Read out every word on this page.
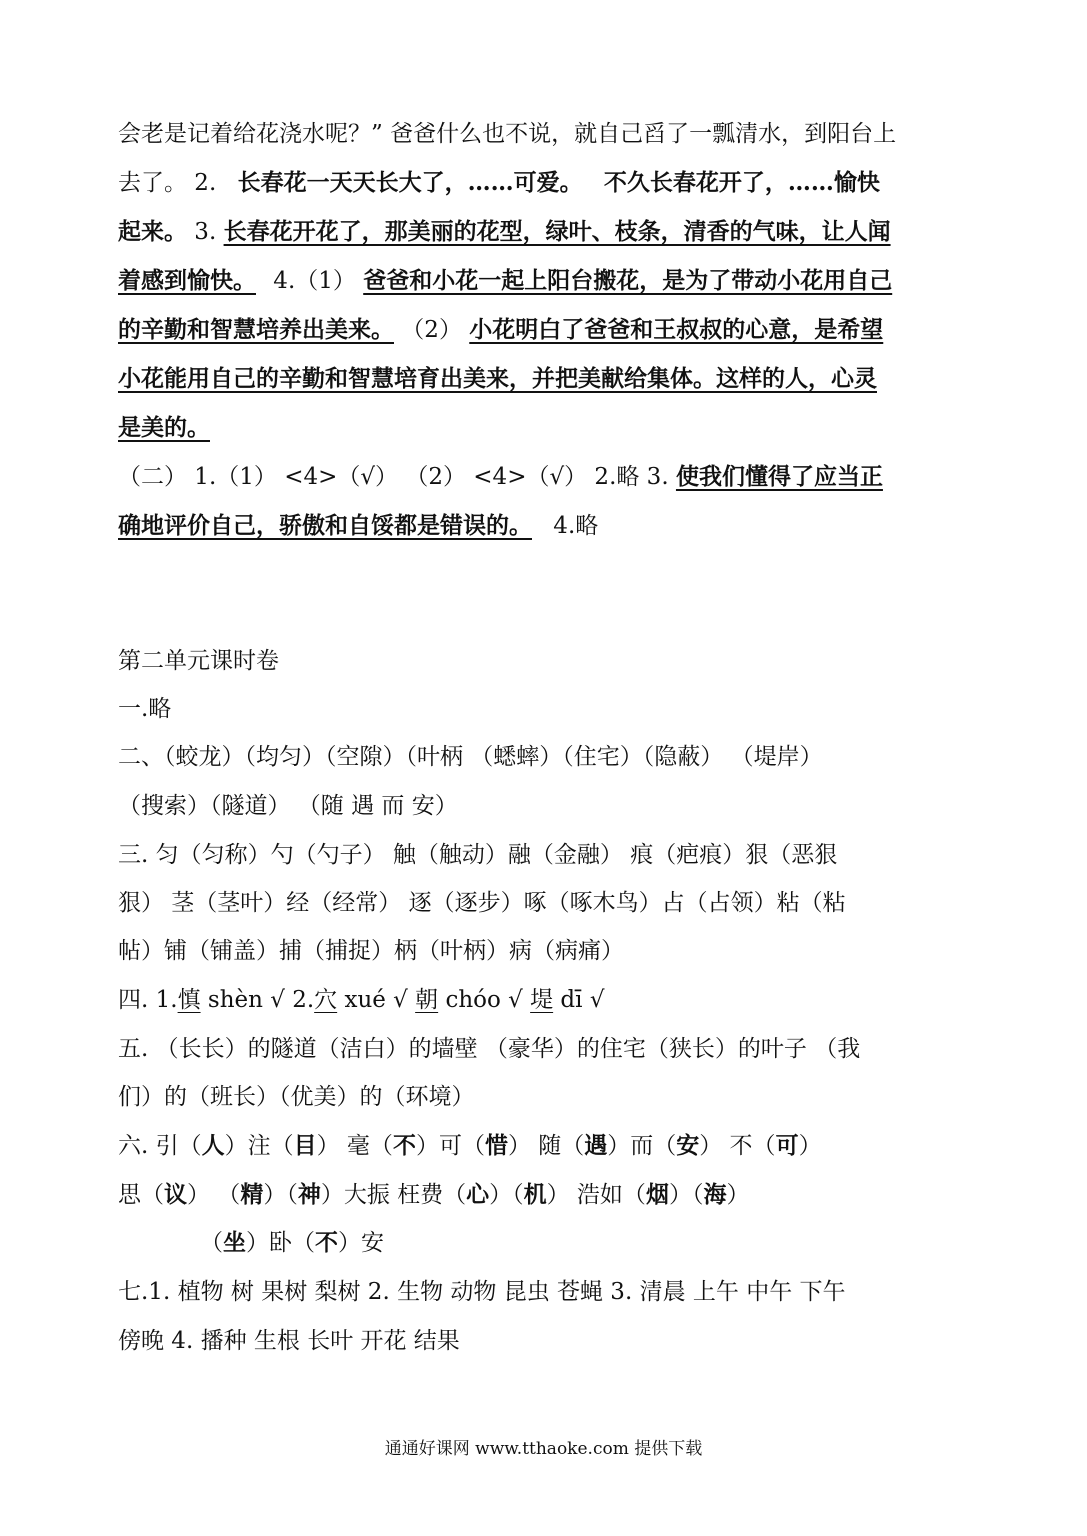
会老是记着给花浇水呢？” 爸爸什么也不说，就自己舀了一瓢清水，到阳台上
去了。 2. 长春花一天天长大了，……可爱。 不久长春花开了，……愉快
起来。 3. 长春花开花了，那美丽的花型，绿叶、枝条，清香的气味，让人闻
着感到愉快。 4.（1） 爸爸和小花一起上阳台搬花，是为了带动小花用自己
的辛勤和智慧培养出美来。 （2） 小花明白了爸爸和王叔叔的心意，是希望
小花能用自己的辛勤和智慧培育出美来，并把美献给集体。这样的人，心灵
是美的。
（二） 1.（1） <4>（√） （2） <4>（√） 2.略 3. 使我们懂得了应当正
确地评价自己，骄傲和自馁都是错误的。 4.略
第二单元课时卷
一.略
二、（蛟龙）（均匀）（空隙）（叶柄 （蟋蟀）（住宅）（隐蔽） （堤岸）
（搜索）（隧道） （随 遇 而 安）
三. 匀（匀称）勺（勺子） 触（触动）融（金融） 痕（疤痕）狠（恶狠
狠） 茎（茎叶）经（经常） 逐（逐步）啄（啄木鸟）占（占领）粘（粘
帖）铺（铺盖）捕（捕捉）柄（叶柄）病（病痛）
四. 1.慎 shèn √ 2.穴 xué √ 朝 chóo √ 堤 dī √
五. （长长）的隧道（洁白）的墙壁 （豪华）的住宅（狭长）的叶子 （我
们）的（班长）（优美）的（环境）
六. 引（人）注（目） 毫（不）可（惜） 随（遇）而（安） 不（可）
思（议） （精）（神）大振 枉费（心）（机） 浩如（烟）（海）
（坐）卧（不）安
七.1. 植物 树 果树 梨树 2. 生物 动物 昆虫 苍蝇 3. 清晨 上午 中午 下午
傍晚 4. 播种 生根 长叶 开花 结果
通通好课网 www.tthaoke.com 提供下载
